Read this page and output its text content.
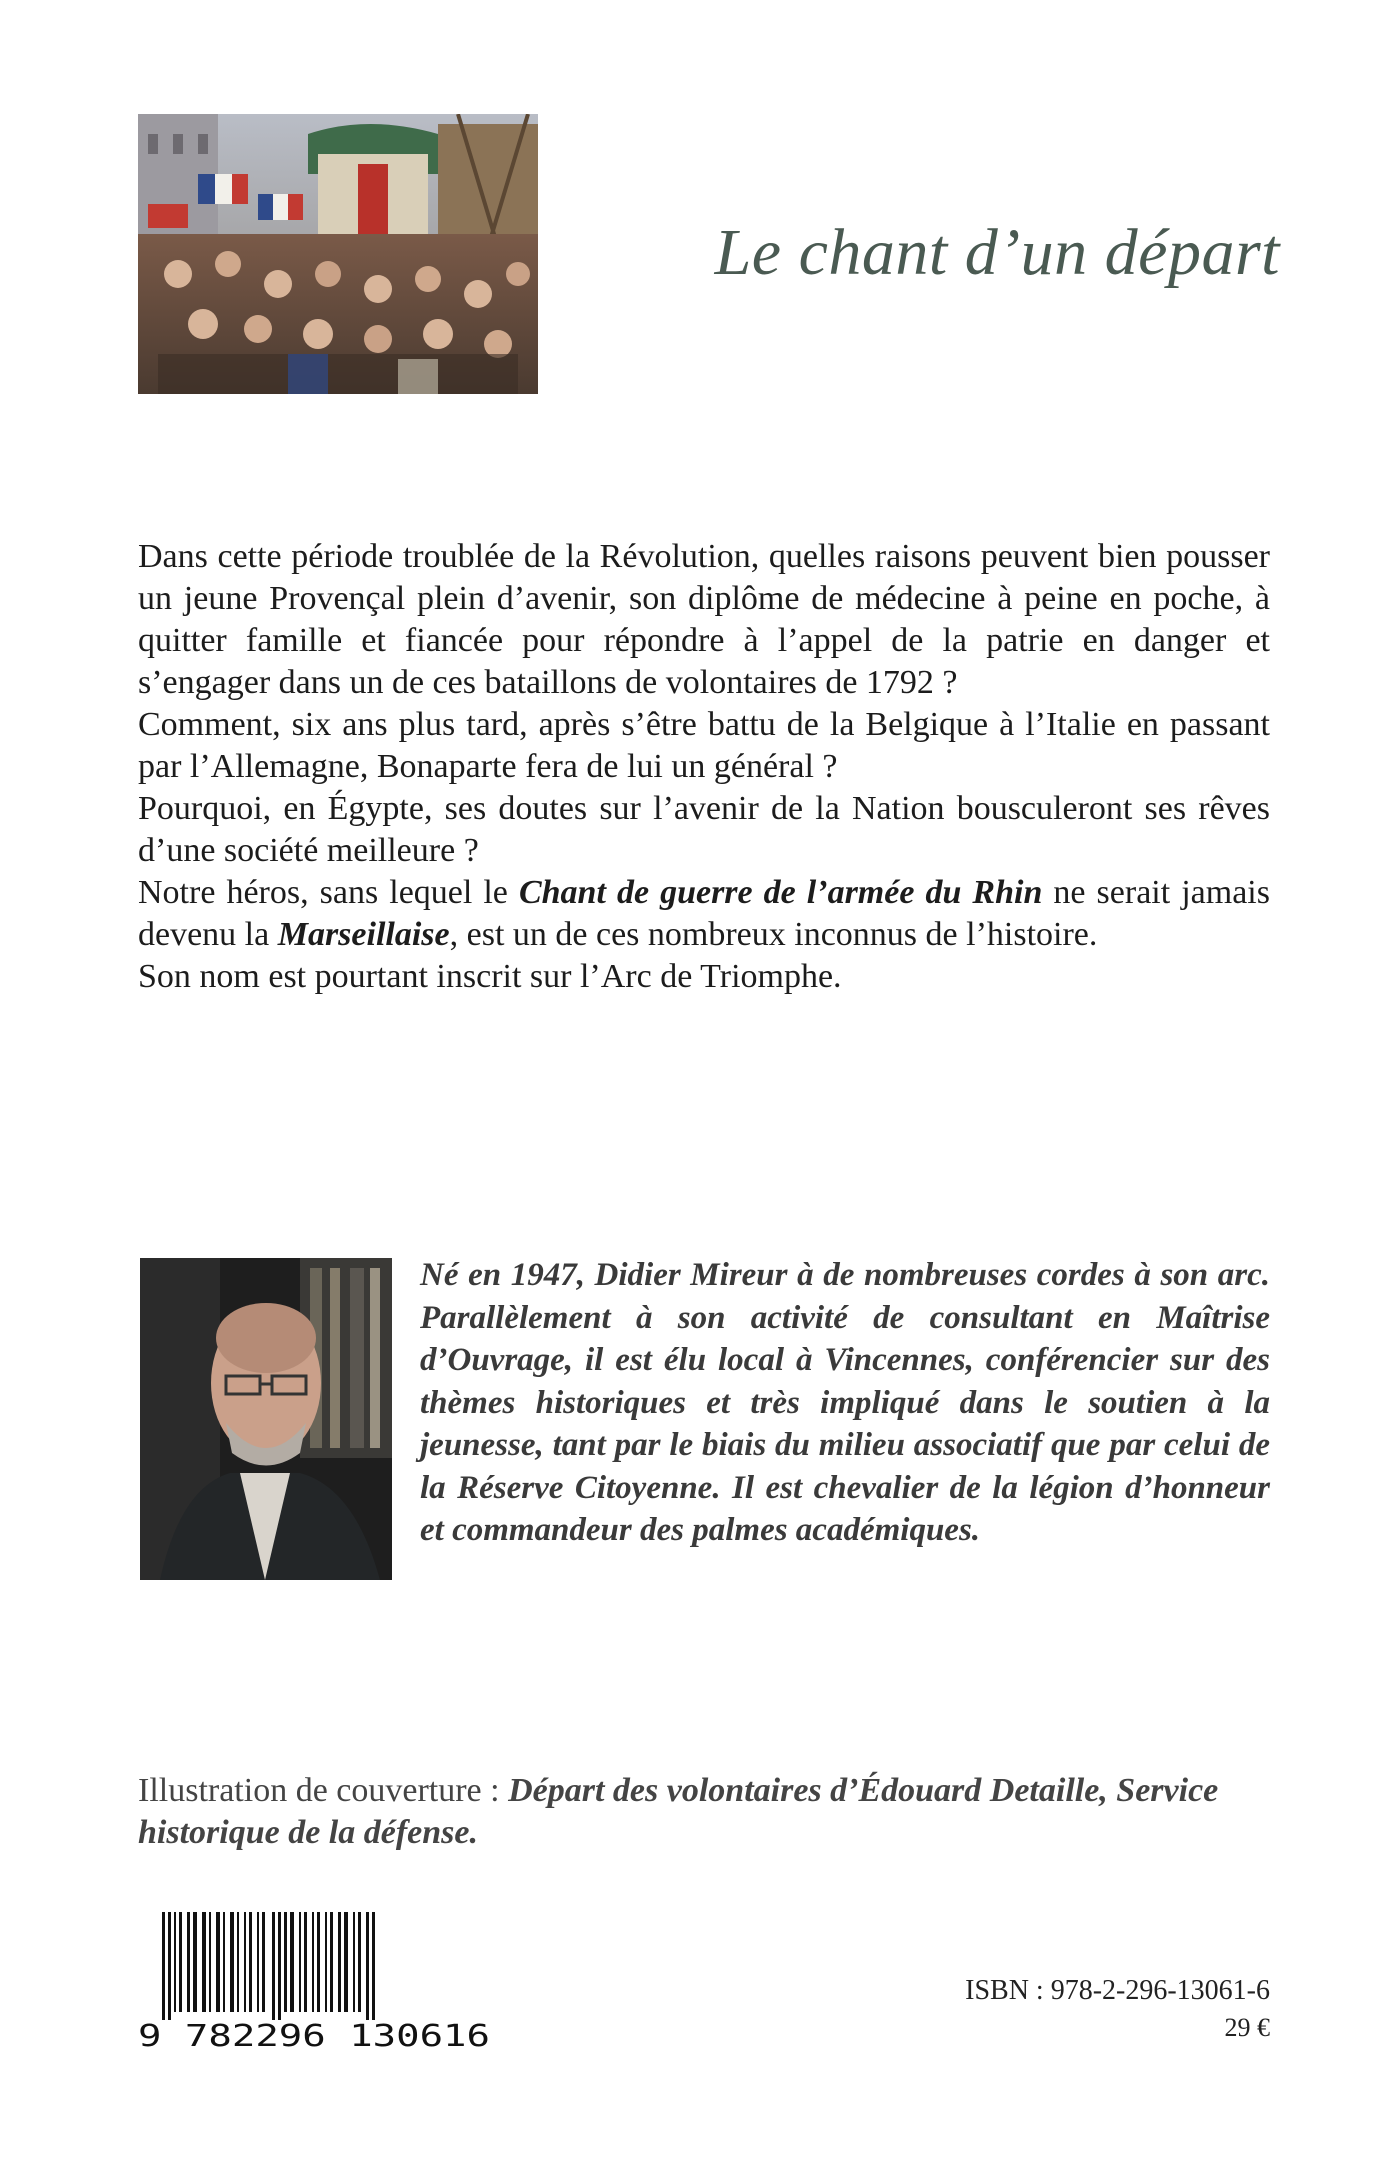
Le chant d’un départ

Dans cette période troublée de la Révolution, quelles raisons peuvent bien pousser un jeune Provençal plein d’avenir, son diplôme de médecine à peine en poche, à quitter famille et fiancée pour répondre à l’appel de la patrie en danger et s’engager dans un de ces bataillons de volontaires de 1792 ?

Comment, six ans plus tard, après s’être battu de la Belgique à l’Italie en passant par l’Allemagne, Bonaparte fera de lui un général ?

Pourquoi, en Égypte, ses doutes sur l’avenir de la Nation bousculeront ses rêves d’une société meilleure ?

Notre héros, sans lequel le Chant de guerre de l’armée du Rhin ne serait jamais devenu la Marseillaise, est un de ces nombreux inconnus de l’histoire.

Son nom est pourtant inscrit sur l’Arc de Triomphe.

Né en 1947, Didier Mireur à de nombreuses cordes à son arc. Parallèlement à son activité de consultant en Maîtrise d’Ouvrage, il est élu local à Vincennes, conférencier sur des thèmes historiques et très impliqué dans le soutien à la jeunesse, tant par le biais du milieu associatif que par celui de la Réserve Citoyenne. Il est chevalier de la légion d’honneur et commandeur des palmes académiques.

Illustration de couverture : Départ des volontaires d’Édouard Detaille, Service historique de la défense.

9 782296 130616

ISBN : 978-2-296-13061-6

29 €
